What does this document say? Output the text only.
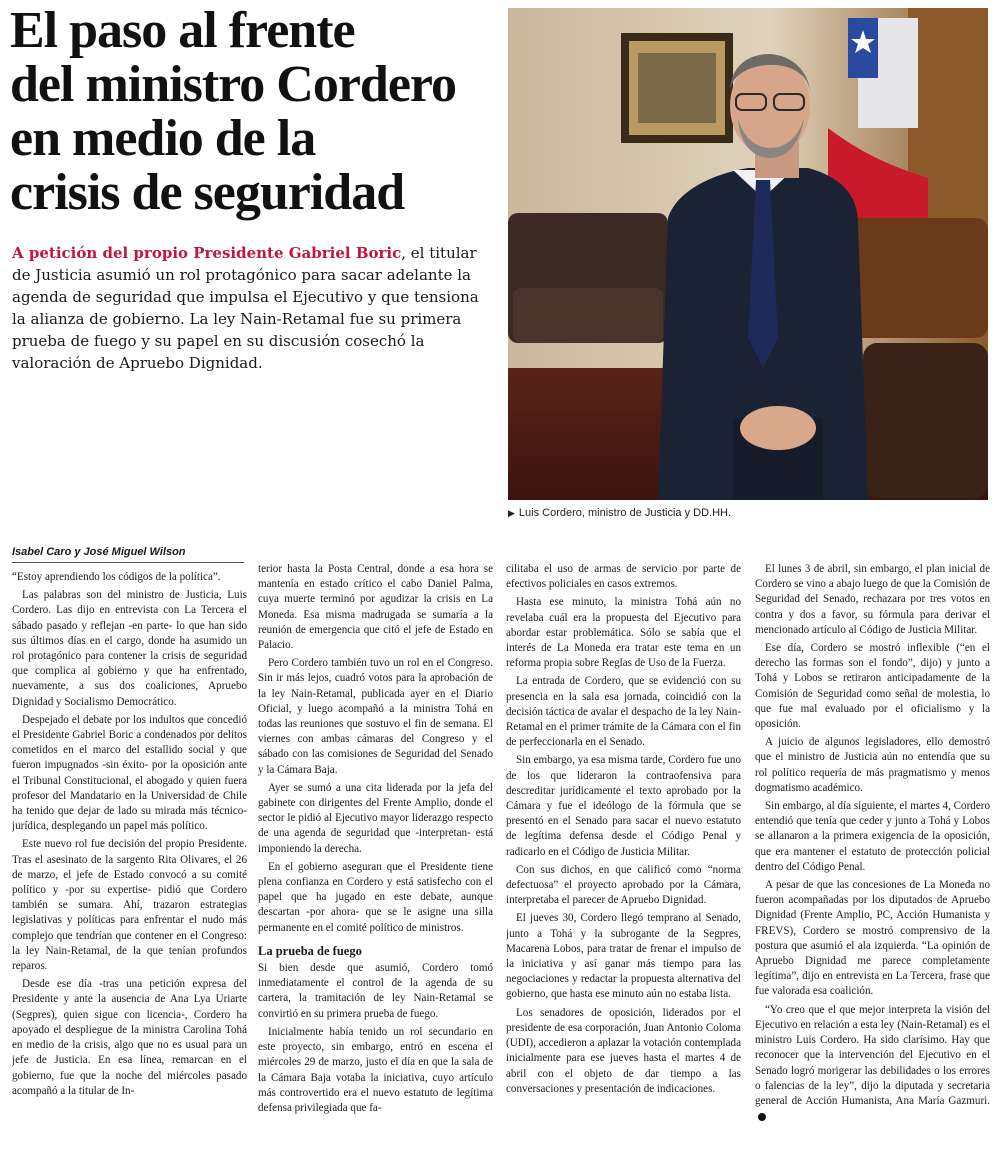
El paso al frente
del ministro Cordero
en medio de la
crisis de seguridad

A petición del propio Presidente Gabriel Boric, el titular de Justicia asumió un rol protagónico para sacar adelante la agenda de seguridad que impulsa el Ejecutivo y que tensiona la alianza de gobierno. La ley Nain-Retamal fue su primera prueba de fuego y su papel en su discusión cosechó la valoración de Apruebo Dignidad.

▶ Luis Cordero, ministro de Justicia y DD.HH.

Isabel Caro y José Miguel Wilson

“Estoy aprendiendo los códigos de la política”.

Las palabras son del ministro de Justicia, Luis Cordero. Las dijo en entrevista con La Tercera el sábado pasado y reflejan -en parte- lo que han sido sus últimos días en el cargo, donde ha asumido un rol protagónico para contener la crisis de seguridad que complica al gobierno y que ha enfrentado, nuevamente, a sus dos coaliciones, Apruebo Dignidad y Socialismo Democrático.

Despejado el debate por los indultos que concedió el Presidente Gabriel Boric a condenados por delitos cometidos en el marco del estallido social y que fueron impugnados -sin éxito- por la oposición ante el Tribunal Constitucional, el abogado y quien fuera profesor del Mandatario en la Universidad de Chile ha tenido que dejar de lado su mirada más técnico-jurídica, desplegando un papel más político.

Este nuevo rol fue decisión del propio Presidente. Tras el asesinato de la sargento Rita Olivares, el 26 de marzo, el jefe de Estado convocó a su comité político y -por su expertise- pidió que Cordero también se sumara. Ahí, trazaron estrategias legislativas y políticas para enfrentar el nudo más complejo que tendrían que contener en el Congreso: la ley Nain-Retamal, de la que tenían profundos reparos.

Desde ese día -tras una petición expresa del Presidente y ante la ausencia de Ana Lya Uriarte (Segpres), quien sigue con licencia-, Cordero ha apoyado el despliegue de la ministra Carolina Tohá en medio de la crisis, algo que no es usual para un jefe de Justicia. En esa línea, remarcan en el gobierno, fue que la noche del miércoles pasado acompañó a la titular de In-

terior hasta la Posta Central, donde a esa hora se mantenía en estado crítico el cabo Daniel Palma, cuya muerte terminó por agudizar la crisis en La Moneda. Esa misma madrugada se sumaría a la reunión de emergencia que citó el jefe de Estado en Palacio.

Pero Cordero también tuvo un rol en el Congreso. Sin ir más lejos, cuadró votos para la aprobación de la ley Nain-Retamal, publicada ayer en el Diario Oficial, y luego acompañó a la ministra Tohá en todas las reuniones que sostuvo el fin de semana. El viernes con ambas cámaras del Congreso y el sábado con las comisiones de Seguridad del Senado y la Cámara Baja.

Ayer se sumó a una cita liderada por la jefa del gabinete con dirigentes del Frente Amplio, donde el sector le pidió al Ejecutivo mayor liderazgo respecto de una agenda de seguridad que -interpretan- está imponiendo la derecha.

En el gobierno aseguran que el Presidente tiene plena confianza en Cordero y está satisfecho con el papel que ha jugado en este debate, aunque descartan -por ahora- que se le asigne una silla permanente en el comité político de ministros.

La prueba de fuego

Si bien desde que asumió, Cordero tomó inmediatamente el control de la agenda de su cartera, la tramitación de ley Nain-Retamal se convirtió en su primera prueba de fuego.

Inicialmente había tenido un rol secundario en este proyecto, sin embargo, entró en escena el miércoles 29 de marzo, justo el día en que la sala de la Cámara Baja votaba la iniciativa, cuyo artículo más controvertido era el nuevo estatuto de legítima defensa privilegiada que fa-

cilitaba el uso de armas de servicio por parte de efectivos policiales en casos extremos.

Hasta ese minuto, la ministra Tohá aún no revelaba cuál era la propuesta del Ejecutivo para abordar estar problemática. Sólo se sabía que el interés de La Moneda era tratar este tema en un reforma propia sobre Reglas de Uso de la Fuerza.

La entrada de Cordero, que se evidenció con su presencia en la sala esa jornada, coincidió con la decisión táctica de avalar el despacho de la ley Nain-Retamal en el primer trámite de la Cámara con el fin de perfeccionarla en el Senado.

Sin embargo, ya esa misma tarde, Cordero fue uno de los que lideraron la contraofensiva para descreditar jurídicamente el texto aprobado por la Cámara y fue el ideólogo de la fórmula que se presentó en el Senado para sacar el nuevo estatuto de legítima defensa desde el Código Penal y radicarlo en el Código de Justicia Militar.

Con sus dichos, en que calificó como “norma defectuosa” el proyecto aprobado por la Cámara, interpretaba el parecer de Apruebo Dignidad.

El jueves 30, Cordero llegó temprano al Senado, junto a Tohá y la subrogante de la Segpres, Macarena Lobos, para tratar de frenar el impulso de la iniciativa y así ganar más tiempo para las negociaciones y redactar la propuesta alternativa del gobierno, que hasta ese minuto aún no estaba lista.

Los senadores de oposición, liderados por el presidente de esa corporación, Juan Antonio Coloma (UDI), accedieron a aplazar la votación contemplada inicialmente para ese jueves hasta el martes 4 de abril con el objeto de dar tiempo a las conversaciones y presentación de indicaciones.

El lunes 3 de abril, sin embargo, el plan inicial de Cordero se vino a abajo luego de que la Comisión de Seguridad del Senado, rechazara por tres votos en contra y dos a favor, su fórmula para derivar el mencionado artículo al Código de Justicia Militar.

Ese día, Cordero se mostró inflexible (“en el derecho las formas son el fondo”, dijo) y junto a Tohá y Lobos se retiraron anticipadamente de la Comisión de Seguridad como señal de molestia, lo que fue mal evaluado por el oficialismo y la oposición.

A juicio de algunos legisladores, ello demostró que el ministro de Justicia aún no entendía que su rol político requería de más pragmatismo y menos dogmatismo académico.

Sin embargo, al día siguiente, el martes 4, Cordero entendió que tenía que ceder y junto a Tohá y Lobos se allanaron a la primera exigencia de la oposición, que era mantener el estatuto de protección policial dentro del Código Penal.

A pesar de que las concesiones de La Moneda no fueron acompañadas por los diputados de Apruebo Dignidad (Frente Amplio, PC, Acción Humanista y FREVS), Cordero se mostró comprensivo de la postura que asumió el ala izquierda. “La opinión de Apruebo Dignidad me parece completamente legítima”, dijo en entrevista en La Tercera, frase que fue valorada esa coalición.

“Yo creo que el que mejor interpreta la visión del Ejecutivo en relación a esta ley (Nain-Retamal) es el ministro Luis Cordero. Ha sido clarísimo. Hay que reconocer que la intervención del Ejecutivo en el Senado logró morigerar las debilidades o los errores o falencias de la ley”, dijo la diputada y secretaria general de Acción Humanista, Ana María Gazmuri.
